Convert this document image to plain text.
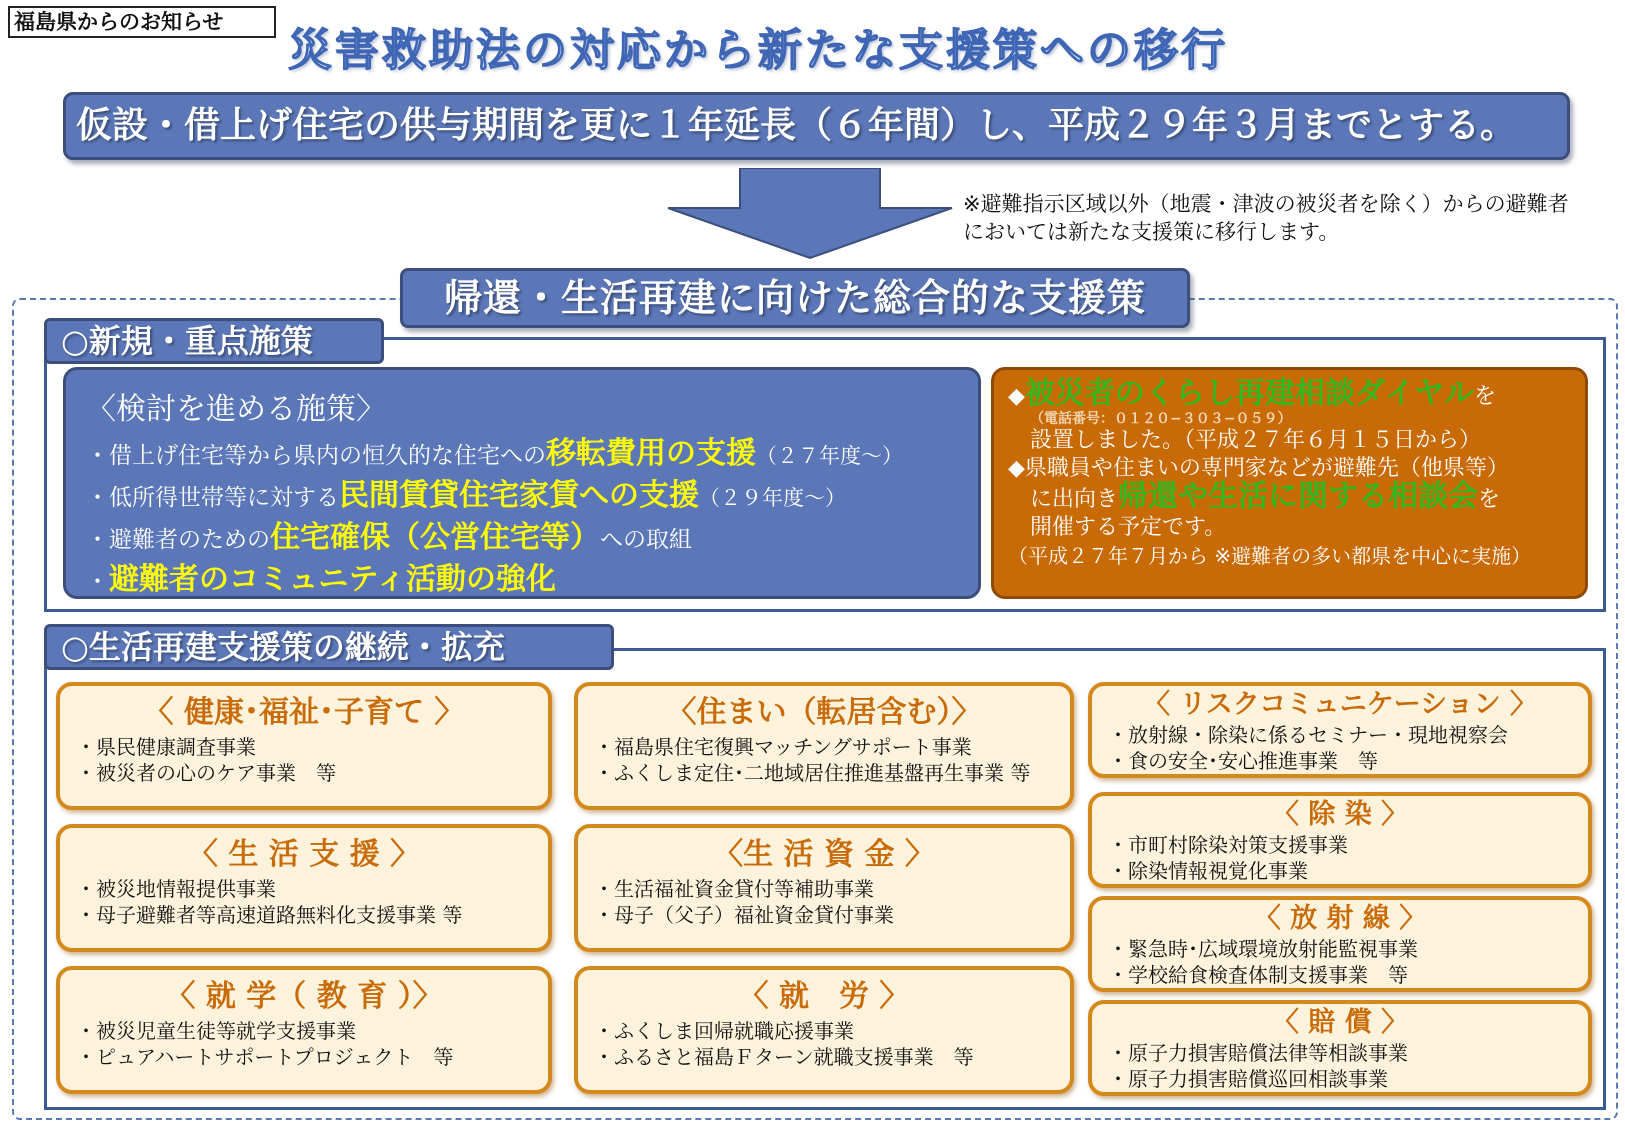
福島県からのお知らせ
災害救助法の対応から新たな支援策への移行
仮設・借上げ住宅の供与期間を更に１年延長（６年間）し、平成２９年３月までとする。
※避難指示区域以外（地震・津波の被災者を除く）からの避難者においては新たな支援策に移行します。
○新規・重点施策
○生活再建支援策の継続・拡充
帰還・生活再建に向けた総合的な支援策
〈検討を進める施策〉
・借上げ住宅等から県内の恒久的な住宅への移転費用の支援（２７年度〜）
・低所得世帯等に対する民間賃貸住宅家賃への支援（２９年度〜）
・避難者のための住宅確保（公営住宅等）への取組
・避難者のコミュニティ活動の強化
◆被災者のくらし再建相談ダイヤルを
（電話番号：０１２０−３０３−０５９）
設置しました。（平成２７年６月１５日から）
◆県職員や住まいの専門家などが避難先（他県等）
に出向き帰還や生活に関する相談会を
開催する予定です。
（平成２７年７月から ※避難者の多い都県を中心に実施）
〈 健康･福祉･子育て 〉
・県民健康調査事業
・被災者の心のケア事業　等
〈 生 活 支 援 〉
・被災地情報提供事業
・母子避難者等高速道路無料化支援事業 等
〈 就 学（ 教 育 ）〉
・被災児童生徒等就学支援事業
・ピュアハートサポートプロジェクト　等
〈住まい（転居含む）〉
・福島県住宅復興マッチングサポート事業
・ふくしま定住･二地域居住推進基盤再生事業 等
〈生 活 資 金 〉
・生活福祉資金貸付等補助事業
・母子（父子）福祉資金貸付事業
〈 就　労 〉
・ふくしま回帰就職応援事業
・ふるさと福島Ｆターン就職支援事業　等
〈 リスクコミュニケーション 〉
・放射線・除染に係るセミナー・現地視察会
・食の安全･安心推進事業　等
〈 除 染 〉
・市町村除染対策支援事業
・除染情報視覚化事業
〈 放 射 線 〉
・緊急時･広域環境放射能監視事業
・学校給食検査体制支援事業　等
〈 賠 償 〉
・原子力損害賠償法律等相談事業
・原子力損害賠償巡回相談事業
